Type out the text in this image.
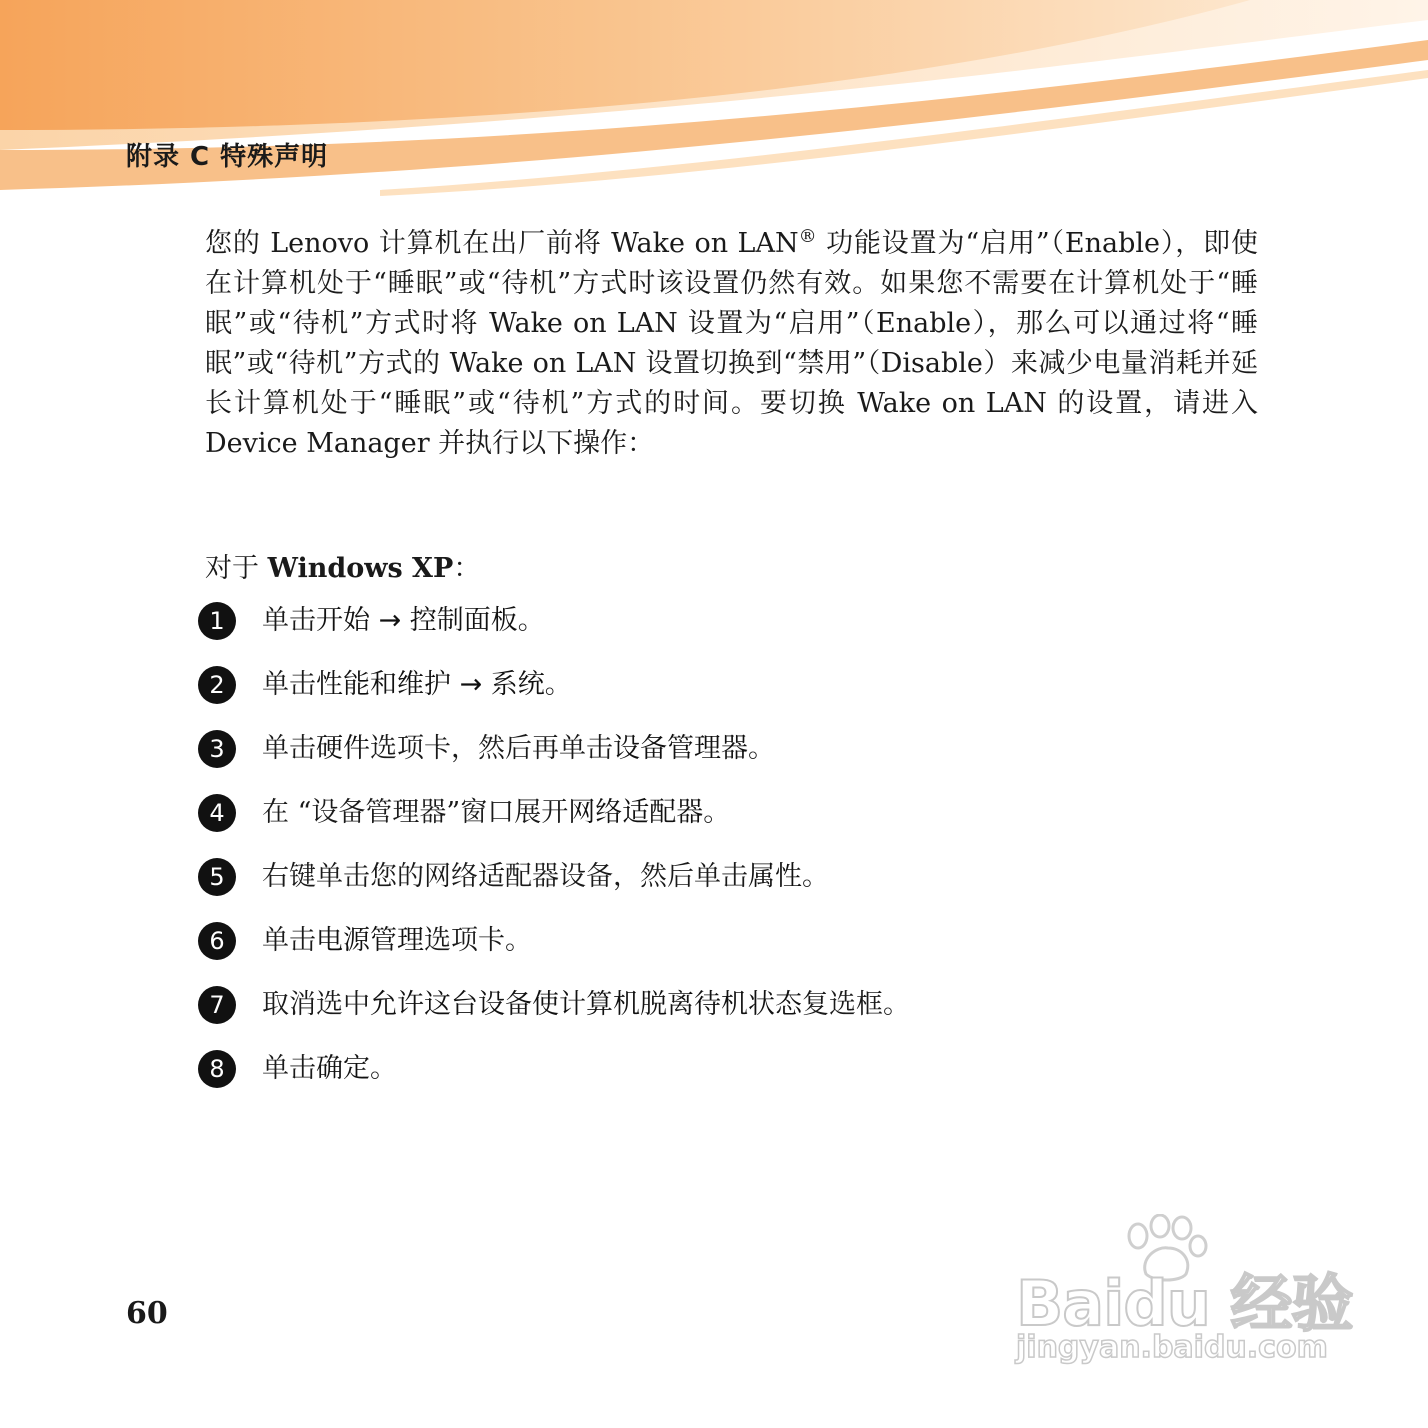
附录 C 特殊声明

您的 Lenovo 计算机在出厂前将 Wake on LAN® 功能设置为“启用”（Enable），即使在计算机处于“睡眠”或“待机”方式时该设置仍然有效。如果您不需要在计算机处于“睡眠”或“待机”方式时将 Wake on LAN 设置为“启用”（Enable），那么可以通过将“睡眠”或“待机”方式的 Wake on LAN 设置切换到“禁用”（Disable）来减少电量消耗并延长计算机处于“睡眠”或“待机”方式的时间。要切换 Wake on LAN 的设置，请进入 Device Manager 并执行以下操作：

对于 Windows XP：
1	单击开始 → 控制面板。
2	单击性能和维护 → 系统。
3	单击硬件选项卡，然后再单击设备管理器。
4	在 “设备管理器”窗口展开网络适配器。
5	右键单击您的网络适配器设备，然后单击属性。
6	单击电源管理选项卡。
7	取消选中允许这台设备使计算机脱离待机状态复选框。
8	单击确定。
60	Baidu 经验
jingyan.baidu.com
